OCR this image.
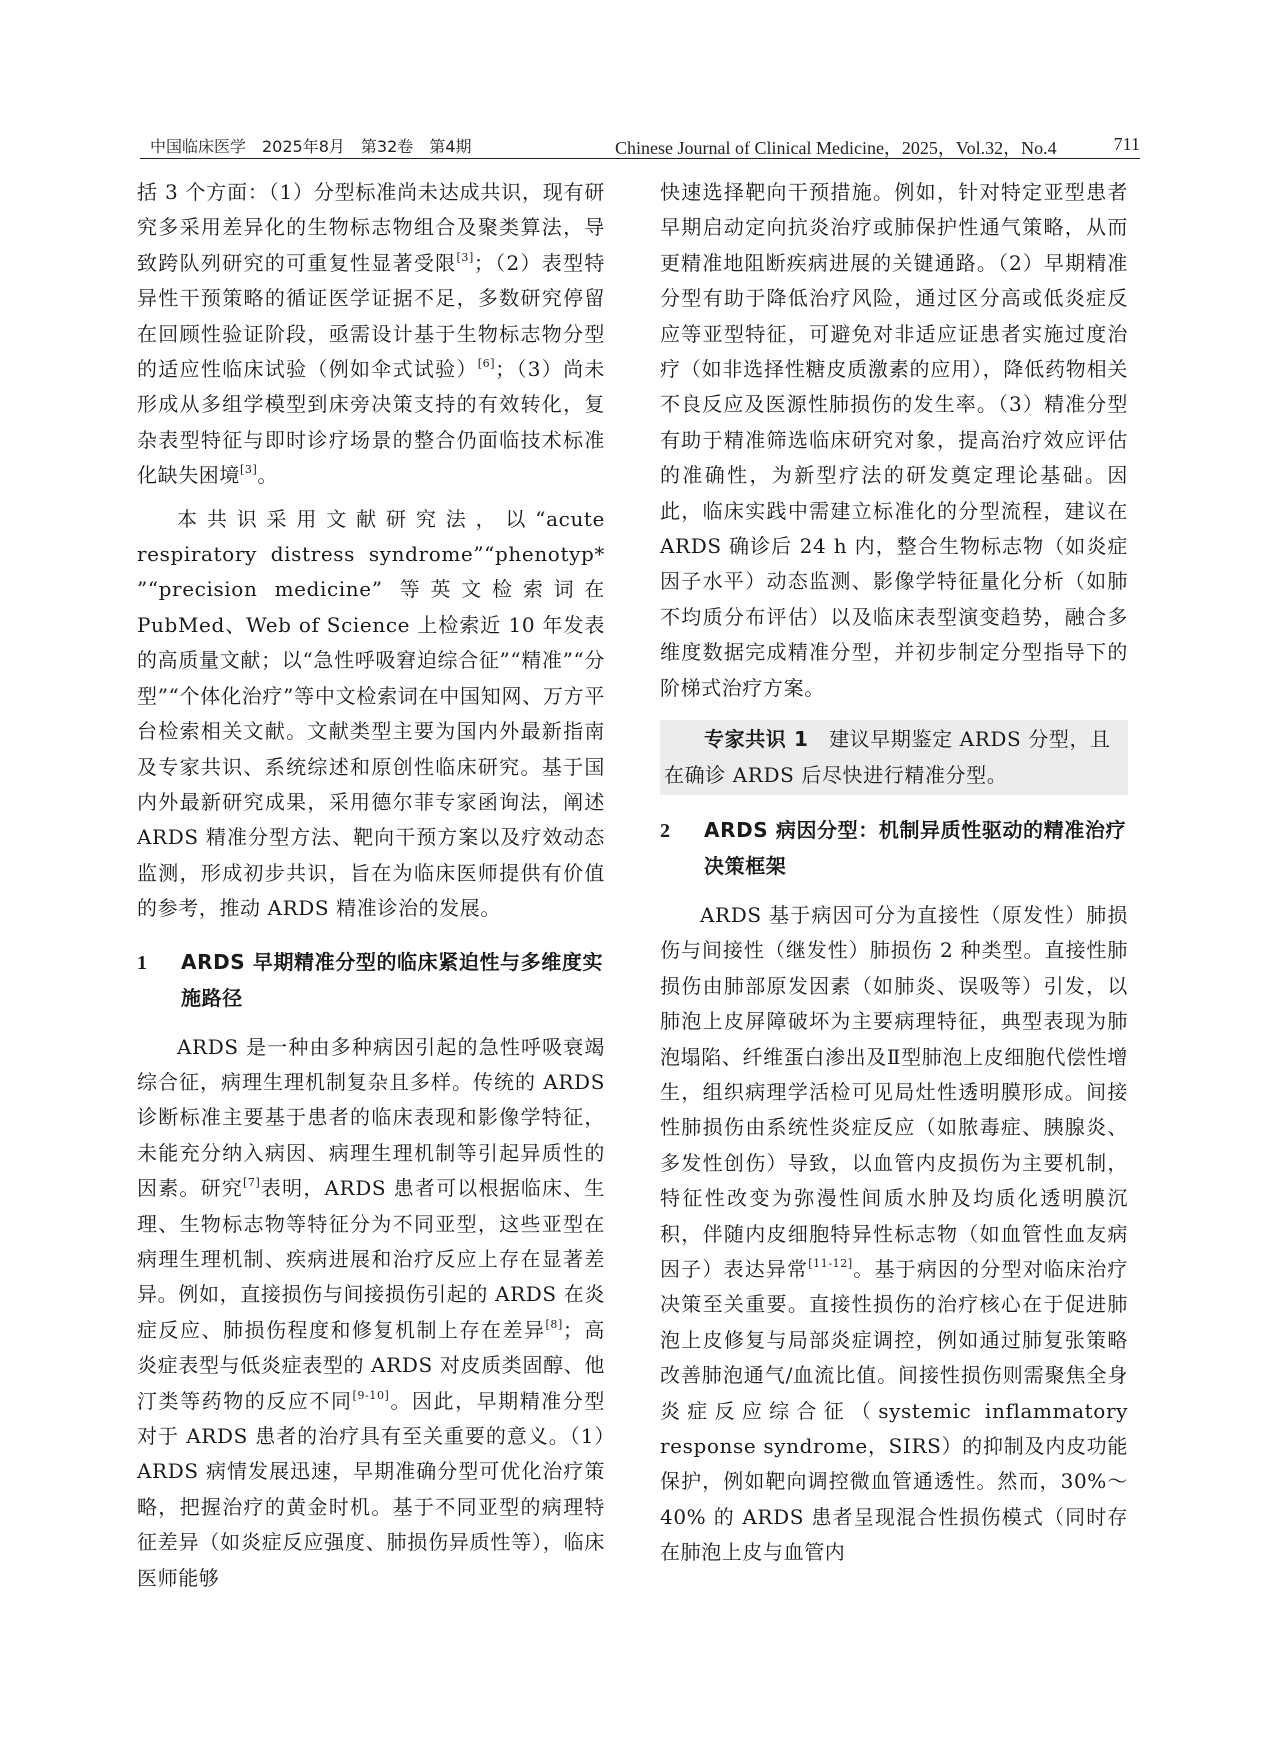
中国临床医学　2025年8月　第32卷　第4期	Chinese Journal of Clinical Medicine，2025，Vol.32，No.4	711

括 3 个方面：（1）分型标准尚未达成共识，现有研究多采用差异化的生物标志物组合及聚类算法，导致跨队列研究的可重复性显著受限[3]；（2）表型特异性干预策略的循证医学证据不足，多数研究停留在回顾性验证阶段，亟需设计基于生物标志物分型的适应性临床试验（例如伞式试验）[6]；（3）尚未形成从多组学模型到床旁决策支持的有效转化，复杂表型特征与即时诊疗场景的整合仍面临技术标准化缺失困境[3]。

本共识采用文献研究法，以“acute respiratory distress syndrome”“phenotyp* ”“precision medicine” 等英文检索词在 PubMed、Web of Science 上检索近 10 年发表的高质量文献；以“急性呼吸窘迫综合征”“精准”“分型”“个体化治疗”等中文检索词在中国知网、万方平台检索相关文献。文献类型主要为国内外最新指南及专家共识、系统综述和原创性临床研究。基于国内外最新研究成果，采用德尔菲专家函询法，阐述 ARDS 精准分型方法、靶向干预方案以及疗效动态监测，形成初步共识，旨在为临床医师提供有价值的参考，推动 ARDS 精准诊治的发展。

1 ARDS 早期精准分型的临床紧迫性与多维度实施路径

ARDS 是一种由多种病因引起的急性呼吸衰竭综合征，病理生理机制复杂且多样。传统的 ARDS 诊断标准主要基于患者的临床表现和影像学特征，未能充分纳入病因、病理生理机制等引起异质性的因素。研究[7]表明，ARDS 患者可以根据临床、生理、生物标志物等特征分为不同亚型，这些亚型在病理生理机制、疾病进展和治疗反应上存在显著差异。例如，直接损伤与间接损伤引起的 ARDS 在炎症反应、肺损伤程度和修复机制上存在差异[8]；高炎症表型与低炎症表型的 ARDS 对皮质类固醇、他汀类等药物的反应不同[9-10]。因此，早期精准分型对于 ARDS 患者的治疗具有至关重要的意义。（1）ARDS 病情发展迅速，早期准确分型可优化治疗策略，把握治疗的黄金时机。基于不同亚型的病理特征差异（如炎症反应强度、肺损伤异质性等），临床医师能够

快速选择靶向干预措施。例如，针对特定亚型患者早期启动定向抗炎治疗或肺保护性通气策略，从而更精准地阻断疾病进展的关键通路。（2）早期精准分型有助于降低治疗风险，通过区分高或低炎症反应等亚型特征，可避免对非适应证患者实施过度治疗（如非选择性糖皮质激素的应用），降低药物相关不良反应及医源性肺损伤的发生率。（3）精准分型有助于精准筛选临床研究对象，提高治疗效应评估的准确性，为新型疗法的研发奠定理论基础。因此，临床实践中需建立标准化的分型流程，建议在 ARDS 确诊后 24 h 内，整合生物标志物（如炎症因子水平）动态监测、影像学特征量化分析（如肺不均质分布评估）以及临床表型演变趋势，融合多维度数据完成精准分型，并初步制定分型指导下的阶梯式治疗方案。

专家共识 1　 建议早期鉴定 ARDS 分型，且在确诊 ARDS 后尽快进行精准分型。

2 ARDS 病因分型：机制异质性驱动的精准治疗决策框架

ARDS 基于病因可分为直接性（原发性）肺损伤与间接性（继发性）肺损伤 2 种类型。直接性肺损伤由肺部原发因素（如肺炎、误吸等）引发，以肺泡上皮屏障破坏为主要病理特征，典型表现为肺泡塌陷、纤维蛋白渗出及Ⅱ型肺泡上皮细胞代偿性增生，组织病理学活检可见局灶性透明膜形成。间接性肺损伤由系统性炎症反应（如脓毒症、胰腺炎、多发性创伤）导致，以血管内皮损伤为主要机制，特征性改变为弥漫性间质水肿及均质化透明膜沉积，伴随内皮细胞特异性标志物（如血管性血友病因子）表达异常[11-12]。基于病因的分型对临床治疗决策至关重要。直接性损伤的治疗核心在于促进肺泡上皮修复与局部炎症调控，例如通过肺复张策略改善肺泡通气/血流比值。间接性损伤则需聚焦全身炎症反应综合征（systemic inflammatory response syndrome，SIRS）的抑制及内皮功能保护，例如靶向调控微血管通透性。然而，30%～40% 的 ARDS 患者呈现混合性损伤模式（同时存在肺泡上皮与血管内
